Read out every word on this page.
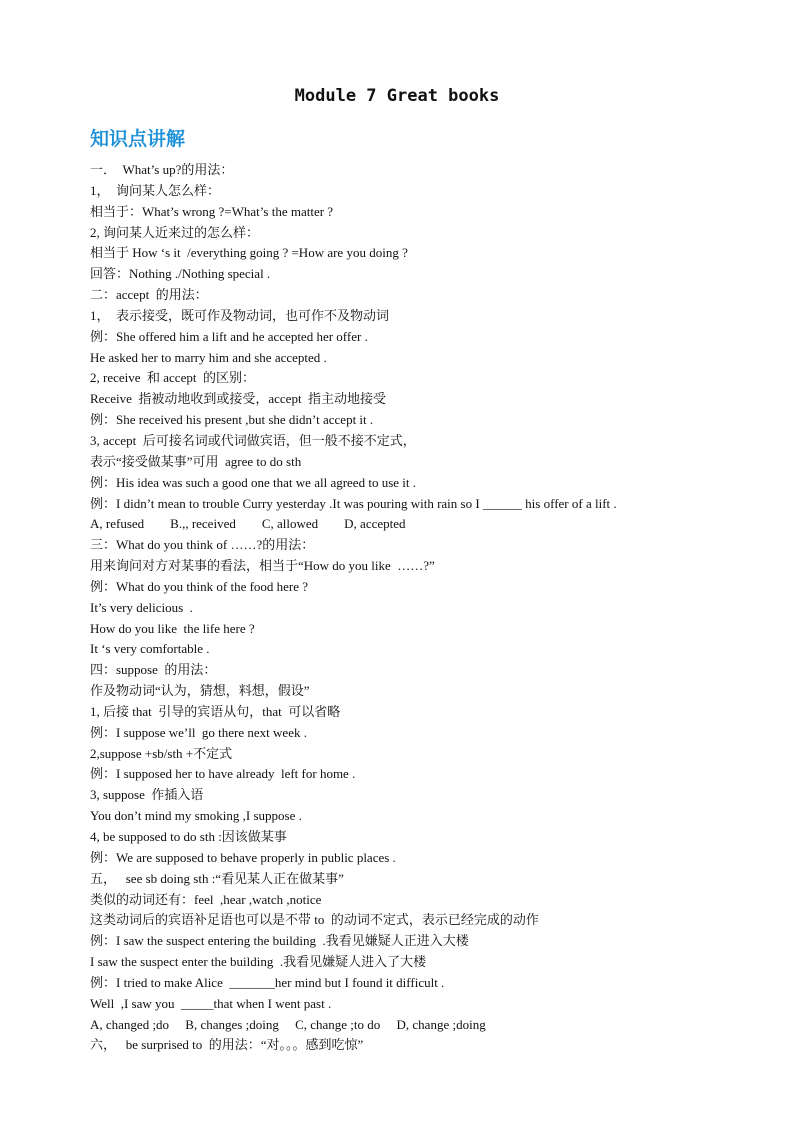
Module 7 Great books
知识点讲解
一．  What’s up?的用法：
1，  询问某人怎么样：
相当于：What’s wrong ?=What’s the matter ?
2, 询问某人近来过的怎么样：
相当于 How ‘s it  /everything going ? =How are you doing ?
回答：Nothing ./Nothing special .
二：accept  的用法：
1，  表示接受，既可作及物动词，也可作不及物动词
例：She offered him a lift and he accepted her offer .
He asked her to marry him and she accepted .
2, receive  和 accept  的区别：
Receive  指被动地收到或接受，accept  指主动地接受
例：She received his present ,but she didn’t accept it .
3, accept  后可接名词或代词做宾语，但一般不接不定式，
表示“接受做某事”可用  agree to do sth
例：His idea was such a good one that we all agreed to use it .
例：I didn’t mean to trouble Curry yesterday .It was pouring with rain so I ______ his offer of a lift .
A, refused        B.,, received        C, allowed        D, accepted
三：What do you think of ……?的用法：
用来询问对方对某事的看法，相当于“How do you like  ……?”
例：What do you think of the food here ?
It’s very delicious  .
How do you like  the life here ?
It ‘s very comfortable .
四：suppose  的用法：
作及物动词“认为，猜想，料想，假设”
1, 后接 that  引导的宾语从句，that  可以省略
例：I suppose we’ll  go there next week .
2,suppose +sb/sth +不定式
例：I supposed her to have already  left for home .
3, suppose  作插入语
You don’t mind my smoking ,I suppose .
4, be supposed to do sth :因该做某事
例：We are supposed to behave properly in public places .
五，   see sb doing sth :“看见某人正在做某事”
类似的动词还有：feel  ,hear ,watch ,notice
这类动词后的宾语补足语也可以是不带 to  的动词不定式，表示已经完成的动作
例：I saw the suspect entering the building  .我看见嫌疑人正进入大楼
I saw the suspect enter the building  .我看见嫌疑人进入了大楼
例：I tried to make Alice  _______her mind but I found it difficult .
Well  ,I saw you  _____that when I went past .
A, changed ;do     B, changes ;doing     C, change ;to do     D, change ;doing
六，   be surprised to  的用法：“对。。。感到吃惊”
